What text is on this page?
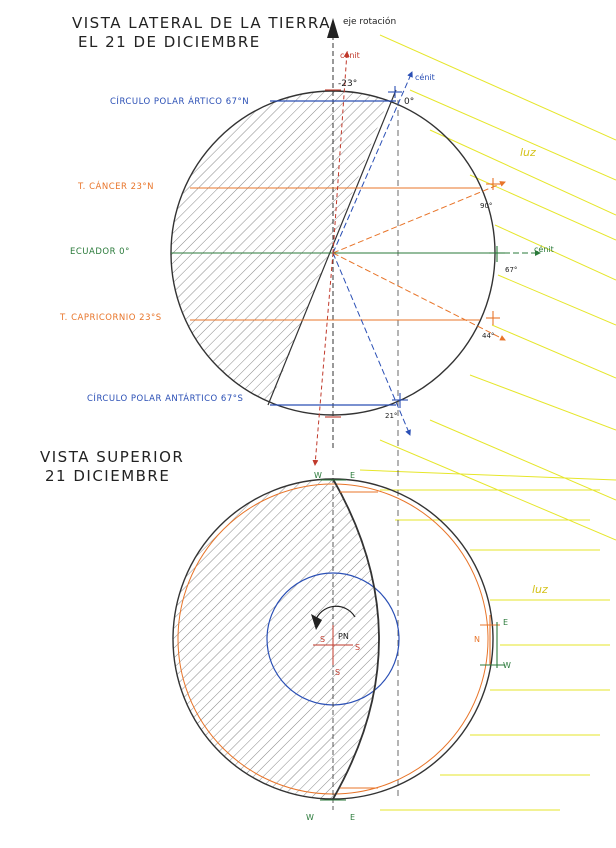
VISTA LATERAL DE LA TIERRA
EL 21 DE DICIEMBRE
VISTA SUPERIOR
21 DICIEMBRE
eje rotación
CÍRCULO POLAR ÁRTICO 67°N
T. CÁNCER 23°N
ECUADOR 0°
T. CAPRICORNIO 23°S
CÍRCULO POLAR ANTÁRTICO 67°S
-23°
cénit
cénit
0°
90°
67°
44°
21°
luz
PN
W	E
W	E
S
S
S
N
E
W
cénit
luz
